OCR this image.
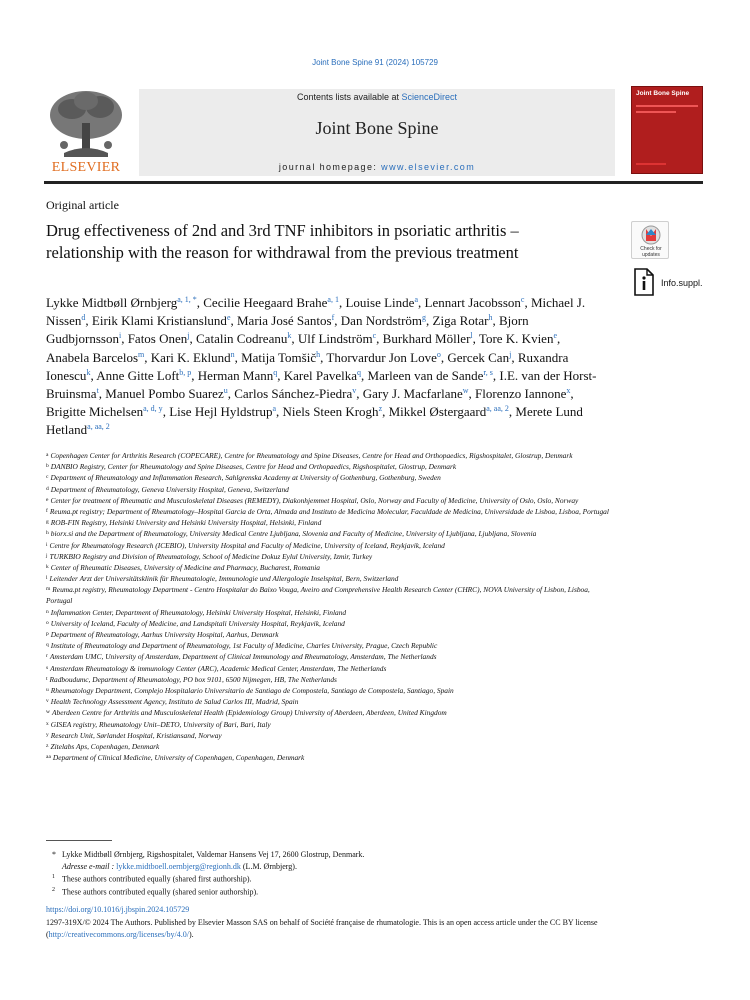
Joint Bone Spine 91 (2024) 105729
ELSEVIER
Contents lists available at ScienceDirect
Joint Bone Spine
journal homepage: www.elsevier.com
Joint Bone Spine
Original article
Drug effectiveness of 2nd and 3rd TNF inhibitors in psoriatic arthritis – relationship with the reason for withdrawal from the previous treatment	Check for updates
Info.suppl.
Lykke Midtbøll Ørnbjerg$^{a, 1, *}$, Cecilie Heegaard Brahe$^{a, 1}$, Louise Linde$^a$, Lennart Jacobsson$^c$, Michael J. Nissen$^d$, Eirik Klami Kristianslund$^e$, Maria José Santos$^f$, Dan Nordström$^g$, Ziga Rotar$^h$, Bjorn Gudbjornsson$^i$, Fatos Onen$^j$, Catalin Codreanu$^k$, Ulf Lindström$^c$, Burkhard Möller$^l$, Tore K. Kvien$^e$, Anabela Barcelos$^m$, Kari K. Eklund$^n$, Matija Tomšič$^h$, Thorvardur Jon Love$^o$, Gercek Can$^j$, Ruxandra Ionescu$^k$, Anne Gitte Loft$^{b, p}$, Herman Mann$^q$, Karel Pavelka$^q$, Marleen van de Sande$^{r, s}$, I.E. van der Horst-Bruinsma$^t$, Manuel Pombo Suarez$^u$, Carlos Sánchez-Piedra$^v$, Gary J. Macfarlane$^w$, Florenzo Iannone$^x$, Brigitte Michelsen$^{a, d, y}$, Lise Hejl Hyldstrup$^a$, Niels Steen Krogh$^z$, Mikkel Østergaard$^{a, aa, 2}$, Merete Lund Hetland$^{a, aa, 2}$
$^a$ Copenhagen Center for Arthritis Research (COPECARE), Centre for Rheumatology and Spine Diseases, Centre for Head and Orthopaedics, Rigshospitalet, Glostrup, Denmark
$^b$ DANBIO Registry, Center for Rheumatology and Spine Diseases, Centre for Head and Orthopaedics, Rigshospitalet, Glostrup, Denmark
$^c$ Department of Rheumatology and Inflammation Research, Sahlgrenska Academy at University of Gothenburg, Gothenburg, Sweden
$^d$ Department of Rheumatology, Geneva University Hospital, Geneva, Switzerland
$^e$ Center for treatment of Rheumatic and Musculoskeletal Diseases (REMEDY), Diakonhjemmet Hospital, Oslo, Norway and Faculty of Medicine, University of Oslo, Oslo, Norway
$^f$ Reuma.pt registry; Department of Rheumatology–Hospital Garcia de Orta, Almada and Instituto de Medicina Molecular, Faculdade de Medicina, Universidade de Lisboa, Lisboa, Portugal
$^g$ ROB-FIN Registry, Helsinki University and Helsinki University Hospital, Helsinki, Finland
$^h$ biorx.si and the Department of Rheumatology, University Medical Centre Ljubljana, Slovenia and Faculty of Medicine, University of Ljubljana, Ljubljana, Slovenia
$^i$ Centre for Rheumatology Research (ICEBIO), University Hospital and Faculty of Medicine, University of Iceland, Reykjavik, Iceland
$^j$ TURKBIO Registry and Division of Rheumatology, School of Medicine Dokuz Eylul University, Izmir, Turkey
$^k$ Center of Rheumatic Diseases, University of Medicine and Pharmacy, Bucharest, Romania
$^l$ Leitender Arzt der Universitätsklinik für Rheumatologie, Immunologie und Allergologie Inselspital, Bern, Switzerland
$^m$ Reuma.pt registry, Rheumatology Department - Centro Hospitalar do Baixo Vouga, Aveiro and Comprehensive Health Research Center (CHRC), NOVA University of Lisbon, Lisboa, Portugal
$^n$ Inflammation Center, Department of Rheumatology, Helsinki University Hospital, Helsinki, Finland
$^o$ University of Iceland, Faculty of Medicine, and Landspitali University Hospital, Reykjavik, Iceland
$^p$ Department of Rheumatology, Aarhus University Hospital, Aarhus, Denmark
$^q$ Institute of Rheumatology and Department of Rheumatology, 1st Faculty of Medicine, Charles University, Prague, Czech Republic
$^r$ Amsterdam UMC, University of Amsterdam, Department of Clinical Immunology and Rheumatology, Amsterdam, The Netherlands
$^s$ Amsterdam Rheumatology & immunology Center (ARC), Academic Medical Center, Amsterdam, The Netherlands
$^t$ Radboudumc, Department of Rheumatology, PO box 9101, 6500 Nijmegen, HB, The Netherlands
$^u$ Rheumatology Department, Complejo Hospitalario Universitario de Santiago de Compostela, Santiago de Compostela, Santiago, Spain
$^v$ Health Technology Assessment Agency, Instituto de Salud Carlos III, Madrid, Spain
$^w$ Aberdeen Centre for Arthritis and Musculoskeletal Health (Epidemiology Group) University of Aberdeen, Aberdeen, United Kingdom
$^x$ GISEA registry, Rheumatology Unit–DETO, University of Bari, Bari, Italy
$^y$ Research Unit, Sørlandet Hospital, Kristiansand, Norway
$^z$ Zitelabs Aps, Copenhagen, Denmark
$^{aa}$ Department of Clinical Medicine, University of Copenhagen, Copenhagen, Denmark
* Lykke Midtbøll Ørnbjerg, Rigshospitalet, Valdemar Hansens Vej 17, 2600 Glostrup, Denmark.
Adresse e-mail : lykke.midtboell.oernbjerg@regionh.dk (L.M. Ørnbjerg).
$^1$ These authors contributed equally (shared first authorship).
$^2$ These authors contributed equally (shared senior authorship).
https://doi.org/10.1016/j.jbspin.2024.105729
1297-319X/© 2024 The Authors. Published by Elsevier Masson SAS on behalf of Société française de rhumatologie. This is an open access article under the CC BY license (http://creativecommons.org/licenses/by/4.0/).
